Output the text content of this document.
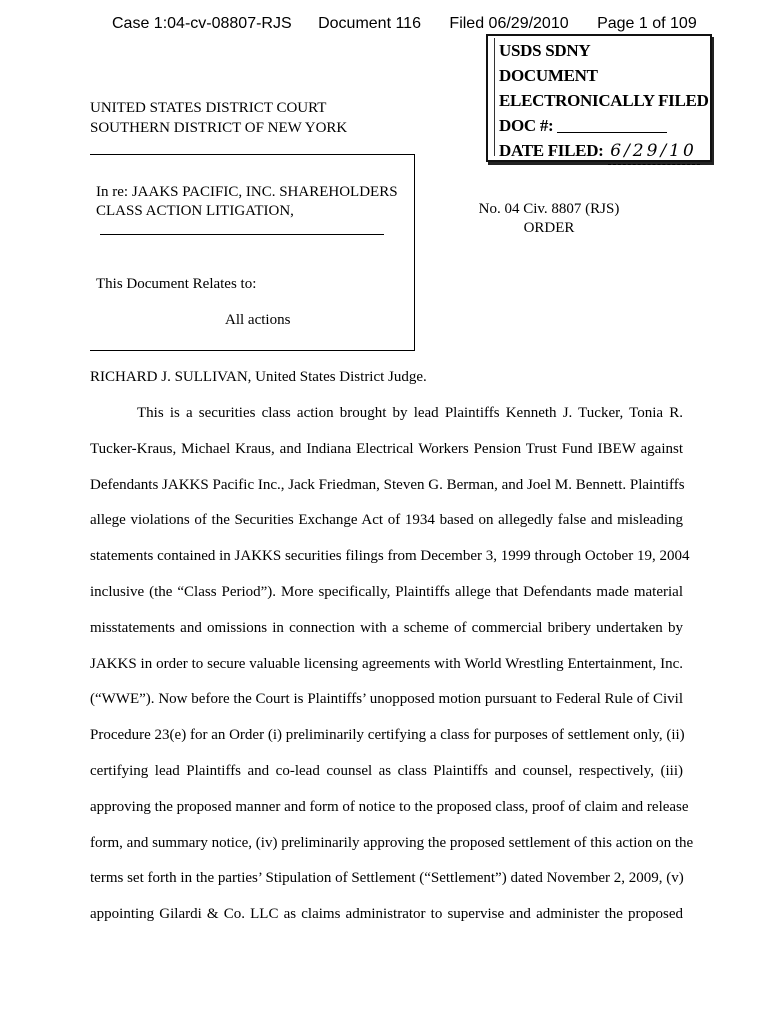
Case 1:04-cv-08807-RJS Document 116 Filed 06/29/2010 Page 1 of 109
USDS SDNY
DOCUMENT
ELECTRONICALLY FILED
DOC #:
DATE FILED: 6/29/10
UNITED STATES DISTRICT COURT
SOUTHERN DISTRICT OF NEW YORK
In re: JAAKS PACIFIC, INC. SHAREHOLDERS
CLASS ACTION LITIGATION,
This Document Relates to:
All actions
No. 04 Civ. 8807 (RJS)
ORDER
RICHARD J. SULLIVAN, United States District Judge.
This is a securities class action brought by lead Plaintiffs Kenneth J. Tucker, Tonia R.
Tucker-Kraus, Michael Kraus, and Indiana Electrical Workers Pension Trust Fund IBEW against
Defendants JAKKS Pacific Inc., Jack Friedman, Steven G. Berman, and Joel M. Bennett. Plaintiffs
allege violations of the Securities Exchange Act of 1934 based on allegedly false and misleading
statements contained in JAKKS securities filings from December 3, 1999 through October 19, 2004
inclusive (the “Class Period”). More specifically, Plaintiffs allege that Defendants made material
misstatements and omissions in connection with a scheme of commercial bribery undertaken by
JAKKS in order to secure valuable licensing agreements with World Wrestling Entertainment, Inc.
(“WWE”). Now before the Court is Plaintiffs’ unopposed motion pursuant to Federal Rule of Civil
Procedure 23(e) for an Order (i) preliminarily certifying a class for purposes of settlement only, (ii)
certifying lead Plaintiffs and co-lead counsel as class Plaintiffs and counsel, respectively, (iii)
approving the proposed manner and form of notice to the proposed class, proof of claim and release
form, and summary notice, (iv) preliminarily approving the proposed settlement of this action on the
terms set forth in the parties’ Stipulation of Settlement (“Settlement”) dated November 2, 2009, (v)
appointing Gilardi & Co. LLC as claims administrator to supervise and administer the proposed
